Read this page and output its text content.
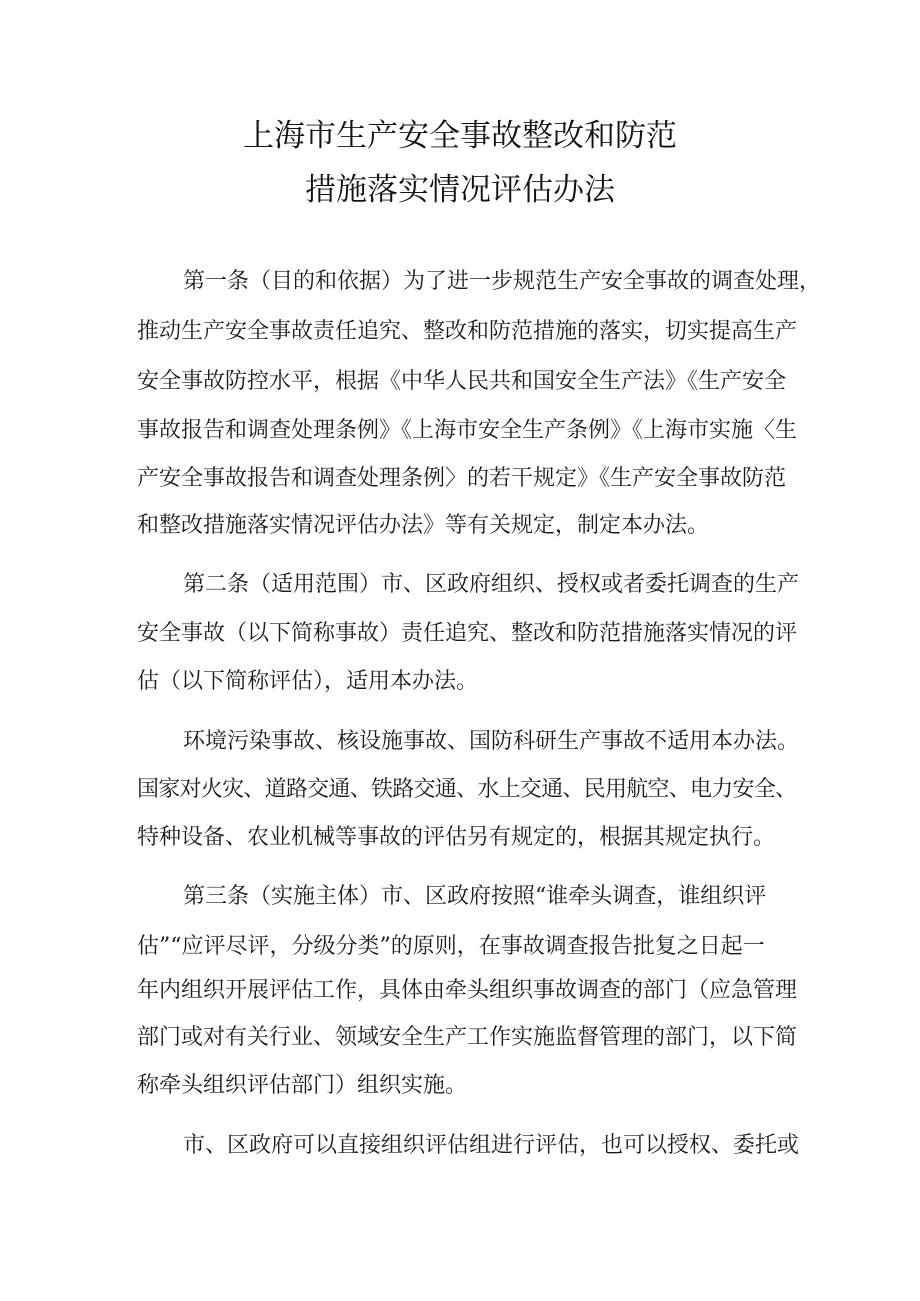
上海市生产安全事故整改和防范
措施落实情况评估办法
第一条（目的和依据）为了进一步规范生产安全事故的调查处理，
推动生产安全事故责任追究、整改和防范措施的落实，切实提高生产
安全事故防控水平，根据《中华人民共和国安全生产法》《生产安全
事故报告和调查处理条例》《上海市安全生产条例》《上海市实施〈生
产安全事故报告和调查处理条例〉的若干规定》《生产安全事故防范
和整改措施落实情况评估办法》等有关规定，制定本办法。
第二条（适用范围）市、区政府组织、授权或者委托调查的生产
安全事故（以下简称事故）责任追究、整改和防范措施落实情况的评
估（以下简称评估），适用本办法。
环境污染事故、核设施事故、国防科研生产事故不适用本办法。
国家对火灾、道路交通、铁路交通、水上交通、民用航空、电力安全、
特种设备、农业机械等事故的评估另有规定的，根据其规定执行。
第三条（实施主体）市、区政府按照“谁牵头调查，谁组织评
估”“应评尽评，分级分类”的原则，在事故调查报告批复之日起一
年内组织开展评估工作，具体由牵头组织事故调查的部门（应急管理
部门或对有关行业、领域安全生产工作实施监督管理的部门，以下简
称牵头组织评估部门）组织实施。
市、区政府可以直接组织评估组进行评估，也可以授权、委托或
